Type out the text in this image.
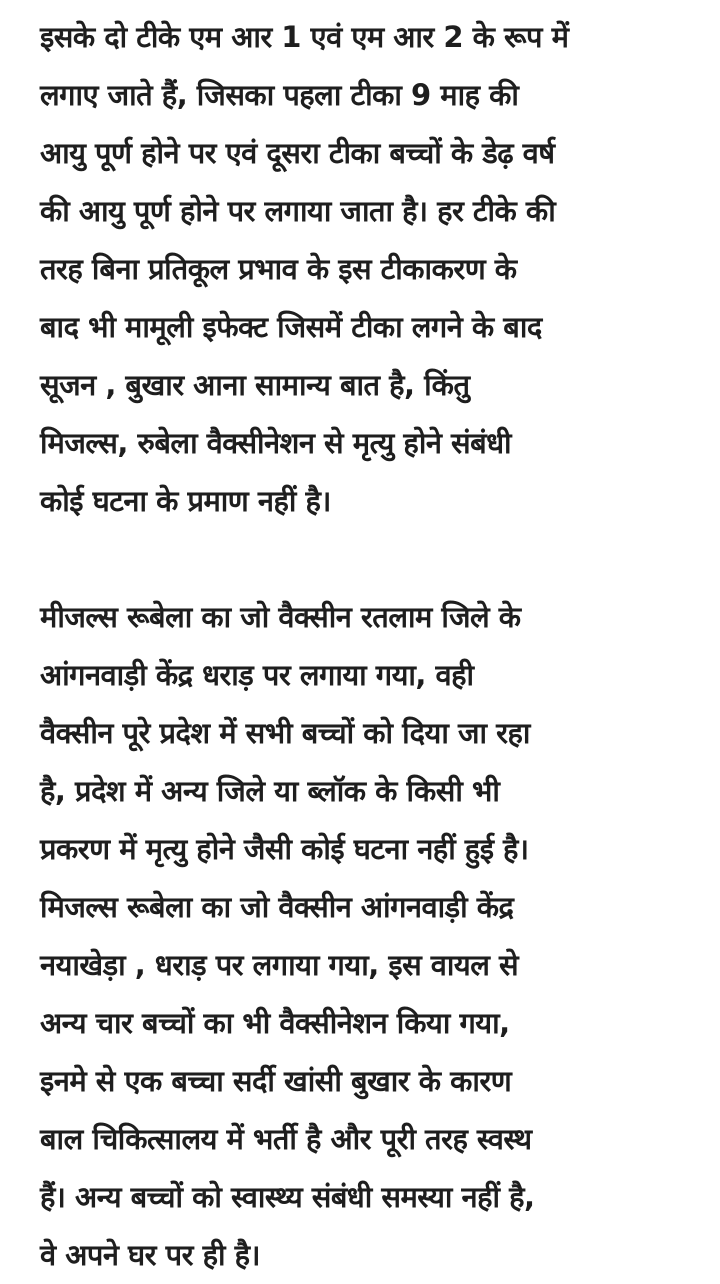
इसके दो टीके एम आर 1 एवं एम आर 2 के रूप में
लगाए जाते हैं, जिसका पहला टीका 9 माह की
आयु पूर्ण होने पर एवं दूसरा टीका बच्चों के डेढ़ वर्ष
की आयु पूर्ण होने पर लगाया जाता है। हर टीके की
तरह बिना प्रतिकूल प्रभाव के इस टीकाकरण के
बाद भी मामूली इफेक्ट जिसमें टीका लगने के बाद
सूजन , बुखार आना सामान्य बात है, किंतु
मिजल्स, रुबेला वैक्सीनेशन से मृत्यु होने संबंधी
कोई घटना के प्रमाण नहीं है।
मीजल्स रूबेला का जो वैक्सीन रतलाम जिले के
आंगनवाड़ी केंद्र धराड़ पर लगाया गया, वही
वैक्सीन पूरे प्रदेश में सभी बच्चों को दिया जा रहा
है, प्रदेश में अन्य जिले या ब्लॉक के किसी भी
प्रकरण में मृत्यु होने जैसी कोई घटना नहीं हुई है।
मिजल्स रूबेला का जो वैक्सीन आंगनवाड़ी केंद्र
नयाखेड़ा , धराड़ पर लगाया गया, इस वायल से
अन्य चार बच्चों का भी वैक्सीनेशन किया गया,
इनमे से एक बच्चा सर्दी खांसी बुखार के कारण
बाल चिकित्सालय में भर्ती है और पूरी तरह स्वस्थ
हैं। अन्य बच्चों को स्वास्थ्य संबंधी समस्या नहीं है,
वे अपने घर पर ही है।
